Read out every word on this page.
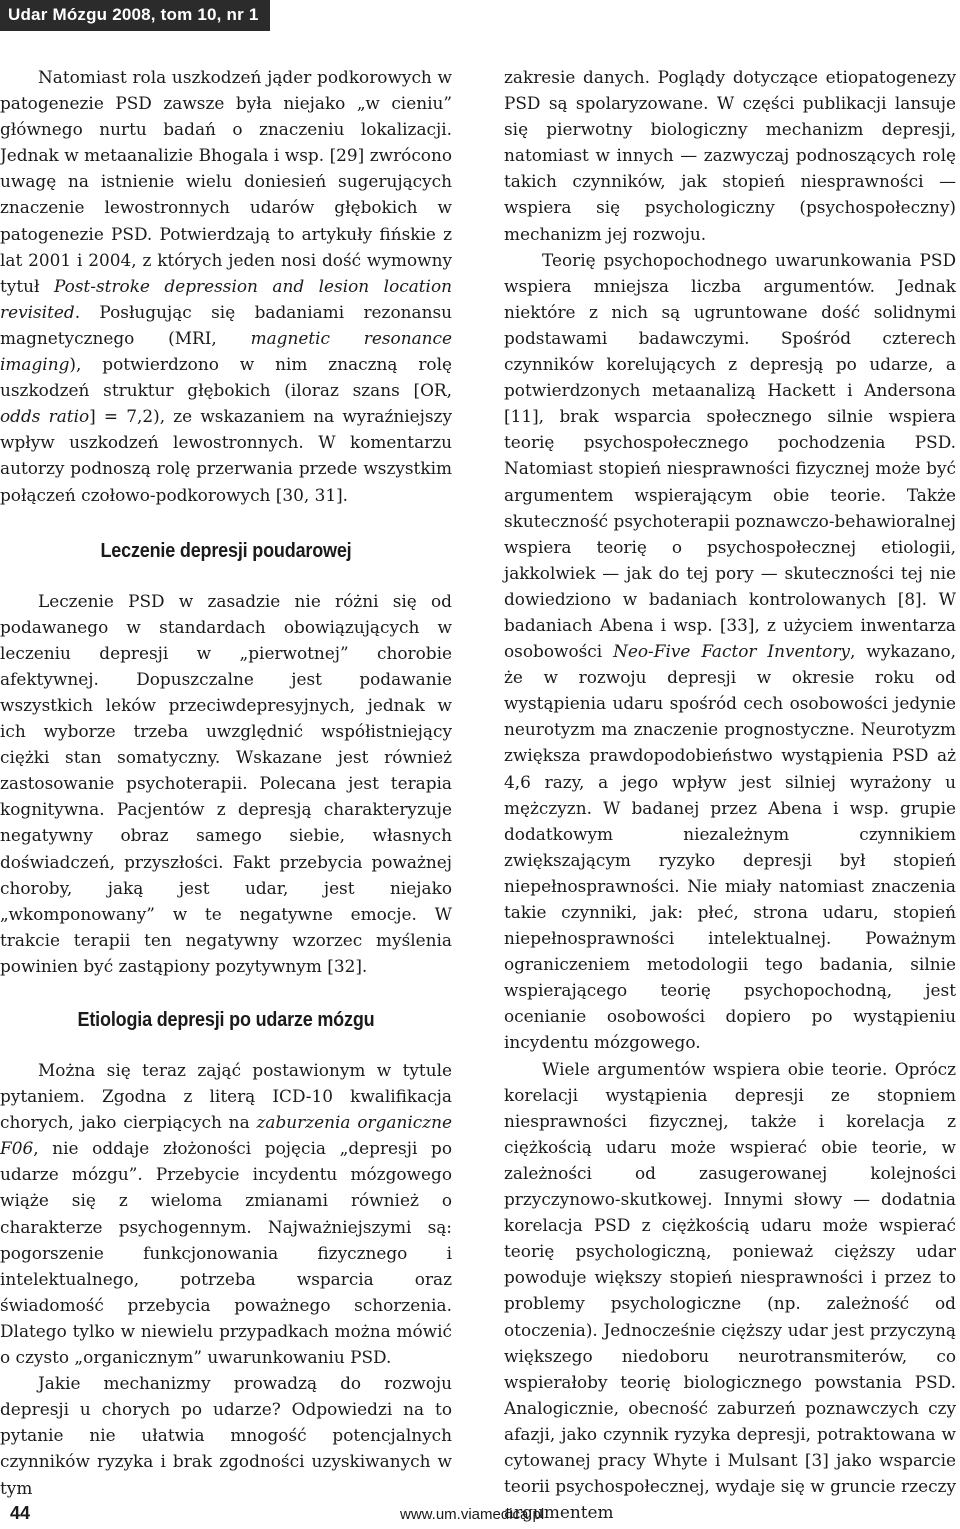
Udar Mózgu 2008, tom 10, nr 1

Natomiast rola uszkodzeń jąder podkorowych w patogenezie PSD zawsze była niejako „w cieniu” głównego nurtu badań o znaczeniu lokalizacji. Jednak w metaanalizie Bhogala i wsp. [29] zwrócono uwagę na istnienie wielu doniesień sugerujących znaczenie lewostronnych udarów głębokich w patogenezie PSD. Potwierdzają to artykuły fińskie z lat 2001 i 2004, z których jeden nosi dość wymowny tytuł Post-stroke depression and lesion location revisited. Posługując się badaniami rezonansu magnetycznego (MRI, magnetic resonance imaging), potwierdzono w nim znaczną rolę uszkodzeń struktur głębokich (iloraz szans [OR, odds ratio] = 7,2), ze wskazaniem na wyraźniejszy wpływ uszkodzeń lewostronnych. W komentarzu autorzy podnoszą rolę przerwania przede wszystkim połączeń czołowo-podkorowych [30, 31].

Leczenie depresji poudarowej

Leczenie PSD w zasadzie nie różni się od podawanego w standardach obowiązujących w leczeniu depresji w „pierwotnej” chorobie afektywnej. Dopuszczalne jest podawanie wszystkich leków przeciwdepresyjnych, jednak w ich wyborze trzeba uwzględnić współistniejący ciężki stan somatyczny. Wskazane jest również zastosowanie psychoterapii. Polecana jest terapia kognitywna. Pacjentów z depresją charakteryzuje negatywny obraz samego siebie, własnych doświadczeń, przyszłości. Fakt przebycia poważnej choroby, jaką jest udar, jest niejako „wkomponowany” w te negatywne emocje. W trakcie terapii ten negatywny wzorzec myślenia powinien być zastąpiony pozytywnym [32].

Etiologia depresji po udarze mózgu

Można się teraz zająć postawionym w tytule pytaniem. Zgodna z literą ICD-10 kwalifikacja chorych, jako cierpiących na zaburzenia organiczne F06, nie oddaje złożoności pojęcia „depresji po udarze mózgu”. Przebycie incydentu mózgowego wiąże się z wieloma zmianami również o charakterze psychogennym. Najważniejszymi są: pogorszenie funkcjonowania fizycznego i intelektualnego, potrzeba wsparcia oraz świadomość przebycia poważnego schorzenia. Dlatego tylko w niewielu przypadkach można mówić o czysto „organicznym” uwarunkowaniu PSD.

Jakie mechanizmy prowadzą do rozwoju depresji u chorych po udarze? Odpowiedzi na to pytanie nie ułatwia mnogość potencjalnych czynników ryzyka i brak zgodności uzyskiwanych w tym

zakresie danych. Poglądy dotyczące etiopatogenezy PSD są spolaryzowane. W części publikacji lansuje się pierwotny biologiczny mechanizm depresji, natomiast w innych — zazwyczaj podnoszących rolę takich czynników, jak stopień niesprawności — wspiera się psychologiczny (psychospołeczny) mechanizm jej rozwoju.

Teorię psychopochodnego uwarunkowania PSD wspiera mniejsza liczba argumentów. Jednak niektóre z nich są ugruntowane dość solidnymi podstawami badawczymi. Spośród czterech czynników korelujących z depresją po udarze, a potwierdzonych metaanalizą Hackett i Andersona [11], brak wsparcia społecznego silnie wspiera teorię psychospołecznego pochodzenia PSD. Natomiast stopień niesprawności fizycznej może być argumentem wspierającym obie teorie. Także skuteczność psychoterapii poznawczo-behawioralnej wspiera teorię o psychospołecznej etiologii, jakkolwiek — jak do tej pory — skuteczności tej nie dowiedziono w badaniach kontrolowanych [8]. W badaniach Abena i wsp. [33], z użyciem inwentarza osobowości Neo-Five Factor Inventory, wykazano, że w rozwoju depresji w okresie roku od wystąpienia udaru spośród cech osobowości jedynie neurotyzm ma znaczenie prognostyczne. Neurotyzm zwiększa prawdopodobieństwo wystąpienia PSD aż 4,6 razy, a jego wpływ jest silniej wyrażony u mężczyzn. W badanej przez Abena i wsp. grupie dodatkowym niezależnym czynnikiem zwiększającym ryzyko depresji był stopień niepełnosprawności. Nie miały natomiast znaczenia takie czynniki, jak: płeć, strona udaru, stopień niepełnosprawności intelektualnej. Poważnym ograniczeniem metodologii tego badania, silnie wspierającego teorię psychopochodną, jest ocenianie osobowości dopiero po wystąpieniu incydentu mózgowego.

Wiele argumentów wspiera obie teorie. Oprócz korelacji wystąpienia depresji ze stopniem niesprawności fizycznej, także i korelacja z ciężkością udaru może wspierać obie teorie, w zależności od zasugerowanej kolejności przyczynowo-skutkowej. Innymi słowy — dodatnia korelacja PSD z ciężkością udaru może wspierać teorię psychologiczną, ponieważ cięższy udar powoduje większy stopień niesprawności i przez to problemy psychologiczne (np. zależność od otoczenia). Jednocześnie cięższy udar jest przyczyną większego niedoboru neurotransmiterów, co wspierałoby teorię biologicznego powstania PSD. Analogicznie, obecność zaburzeń poznawczych czy afazji, jako czynnik ryzyka depresji, potraktowana w cytowanej pracy Whyte i Mulsant [3] jako wsparcie teorii psychospołecznej, wydaje się w gruncie rzeczy argumentem

44	www.um.viamedica.pl
